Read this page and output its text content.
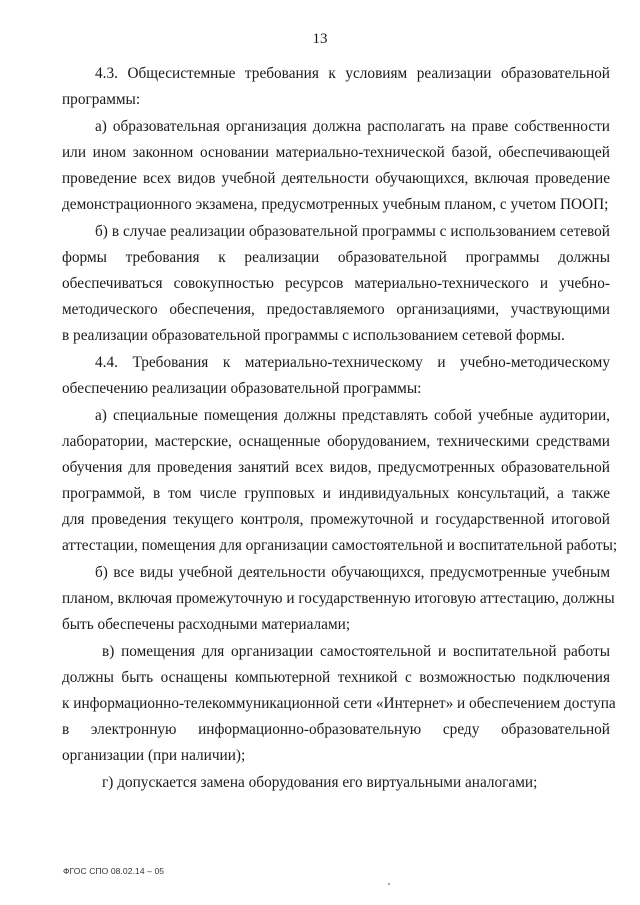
13

4.3. Общесистемные требования к условиям реализации образовательной
программы:

а) образовательная организация должна располагать на праве собственности
или ином законном основании материально-технической базой, обеспечивающей
проведение всех видов учебной деятельности обучающихся, включая проведение
демонстрационного экзамена, предусмотренных учебным планом, с учетом ПООП;

б) в случае реализации образовательной программы с использованием сетевой
формы требования к реализации образовательной программы должны
обеспечиваться совокупностью ресурсов материально-технического и учебно-
методического обеспечения, предоставляемого организациями, участвующими
в реализации образовательной программы с использованием сетевой формы.

4.4. Требования к материально-техническому и учебно-методическому
обеспечению реализации образовательной программы:

а) специальные помещения должны представлять собой учебные аудитории,
лаборатории, мастерские, оснащенные оборудованием, техническими средствами
обучения для проведения занятий всех видов, предусмотренных образовательной
программой, в том числе групповых и индивидуальных консультаций, а также
для проведения текущего контроля, промежуточной и государственной итоговой
аттестации, помещения для организации самостоятельной и воспитательной работы;

б) все виды учебной деятельности обучающихся, предусмотренные учебным
планом, включая промежуточную и государственную итоговую аттестацию, должны
быть обеспечены расходными материалами;

в) помещения для организации самостоятельной и воспитательной работы
должны быть оснащены компьютерной техникой с возможностью подключения
к информационно-телекоммуникационной сети «Интернет» и обеспечением доступа
в электронную информационно-образовательную среду образовательной
организации (при наличии);

г) допускается замена оборудования его виртуальными аналогами;

ФГОС СПО 08.02.14 – 05
